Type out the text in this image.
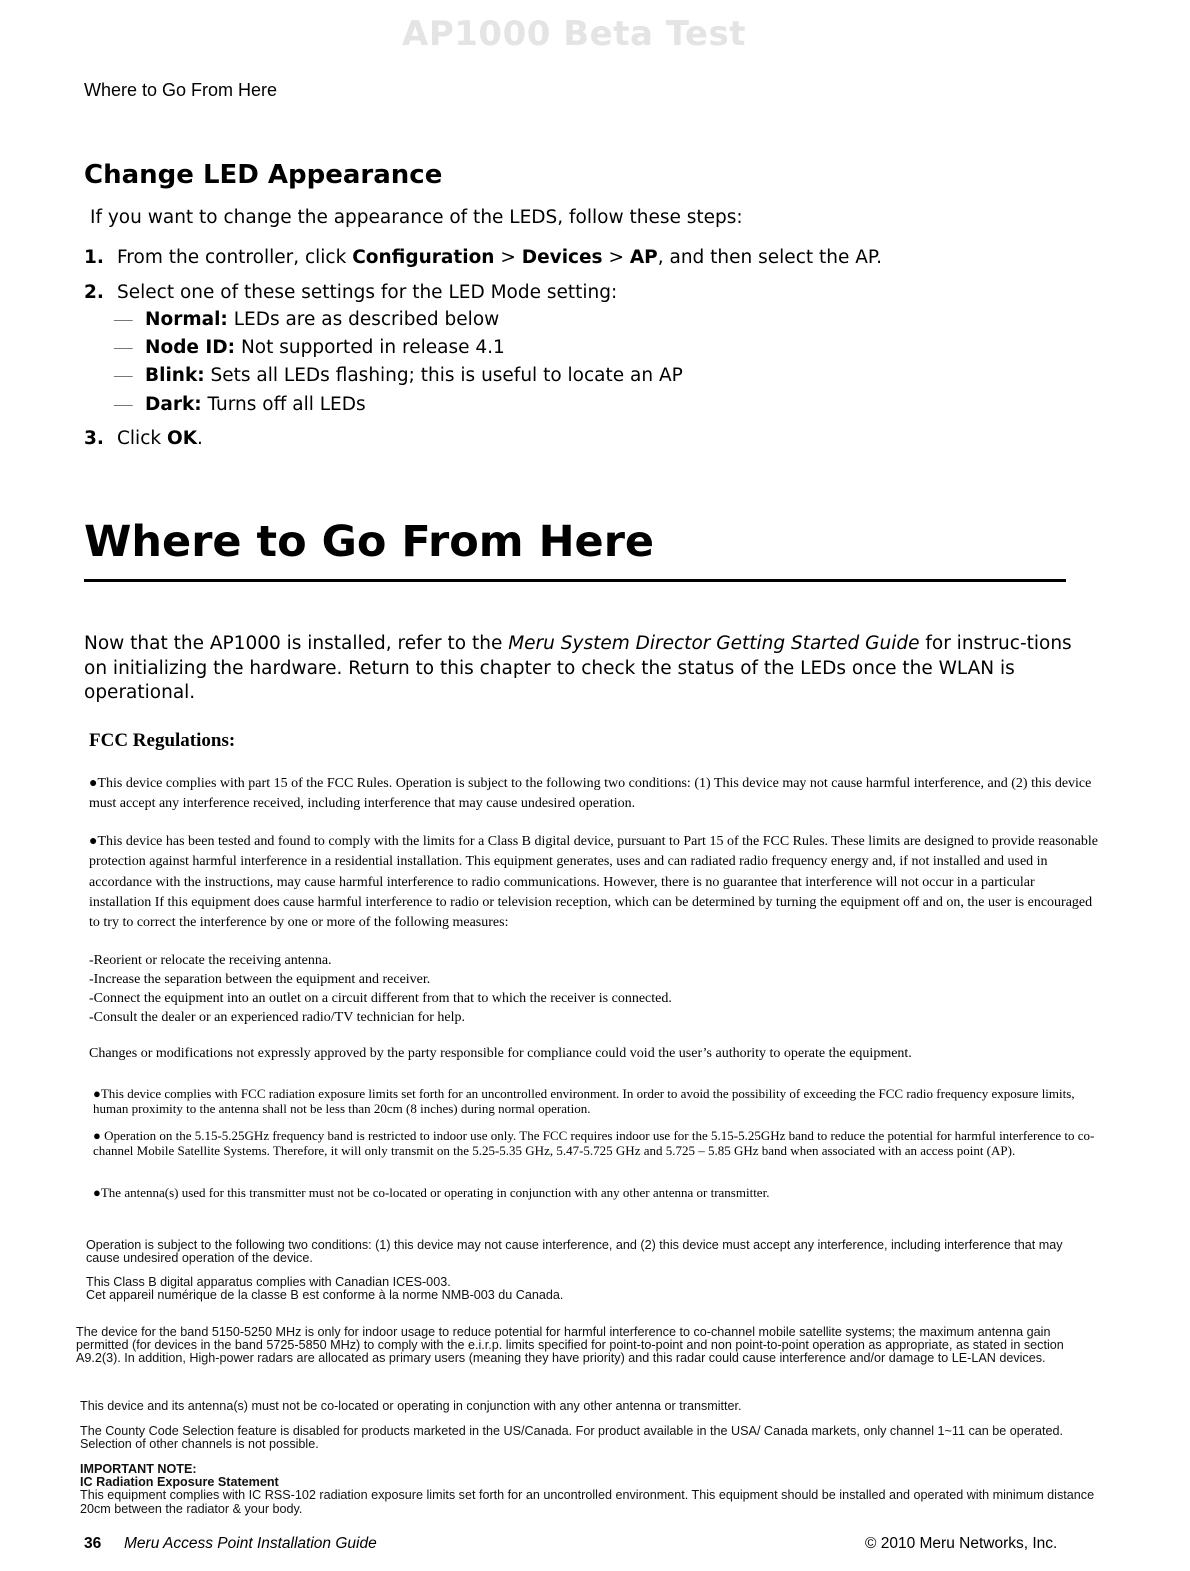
AP1000 Beta Test
Where to Go From Here
Change LED Appearance
If you want to change the appearance of the LEDS, follow these steps:
1. From the controller, click Configuration > Devices > AP, and then select the AP.
2. Select one of these settings for the LED Mode setting:
— Normal: LEDs are as described below
— Node ID: Not supported in release 4.1
— Blink: Sets all LEDs flashing; this is useful to locate an AP
— Dark: Turns off all LEDs
3. Click OK.
Where to Go From Here
Now that the AP1000 is installed, refer to the Meru System Director Getting Started Guide for instruc-tions on initializing the hardware. Return to this chapter to check the status of the LEDs once the WLAN is operational.
FCC Regulations:
●This device complies with part 15 of the FCC Rules. Operation is subject to the following two conditions: (1) This device may not cause harmful interference, and (2) this device must accept any interference received, including interference that may cause undesired operation.
●This device has been tested and found to comply with the limits for a Class B digital device, pursuant to Part 15 of the FCC Rules. These limits are designed to provide reasonable protection against harmful interference in a residential installation. This equipment generates, uses and can radiated radio frequency energy and, if not installed and used in accordance with the instructions, may cause harmful interference to radio communications. However, there is no guarantee that interference will not occur in a particular installation If this equipment does cause harmful interference to radio or television reception, which can be determined by turning the equipment off and on, the user is encouraged to try to correct the interference by one or more of the following measures:
-Reorient or relocate the receiving antenna.
-Increase the separation between the equipment and receiver.
-Connect the equipment into an outlet on a circuit different from that to which the receiver is connected.
-Consult the dealer or an experienced radio/TV technician for help.
Changes or modifications not expressly approved by the party responsible for compliance could void the user’s authority to operate the equipment.
●This device complies with FCC radiation exposure limits set forth for an uncontrolled environment. In order to avoid the possibility of exceeding the FCC radio frequency exposure limits, human proximity to the antenna shall not be less than 20cm (8 inches) during normal operation.
● Operation on the 5.15-5.25GHz frequency band is restricted to indoor use only. The FCC requires indoor use for the 5.15-5.25GHz band to reduce the potential for harmful interference to co-channel Mobile Satellite Systems. Therefore, it will only transmit on the 5.25-5.35 GHz, 5.47-5.725 GHz and 5.725 – 5.85 GHz band when associated with an access point (AP).
●The antenna(s) used for this transmitter must not be co-located or operating in conjunction with any other antenna or transmitter.
Operation is subject to the following two conditions: (1) this device may not cause interference, and (2) this device must accept any interference, including interference that may cause undesired operation of the device.
This Class B digital apparatus complies with Canadian ICES-003.
Cet appareil numérique de la classe B est conforme à la norme NMB-003 du Canada.
The device for the band 5150-5250 MHz is only for indoor usage to reduce potential for harmful interference to co-channel mobile satellite systems; the maximum antenna gain permitted (for devices in the band 5725-5850 MHz) to comply with the e.i.r.p. limits specified for point-to-point and non point-to-point operation as appropriate, as stated in section A9.2(3). In addition, High-power radars are allocated as primary users (meaning they have priority) and this radar could cause interference and/or damage to LE-LAN devices.
This device and its antenna(s) must not be co-located or operating in conjunction with any other antenna or transmitter.
The County Code Selection feature is disabled for products marketed in the US/Canada. For product available in the USA/ Canada markets, only channel 1~11 can be operated. Selection of other channels is not possible.
IMPORTANT NOTE:
IC Radiation Exposure Statement
This equipment complies with IC RSS-102 radiation exposure limits set forth for an uncontrolled environment. This equipment should be installed and operated with minimum distance 20cm between the radiator & your body.
36 Meru Access Point Installation Guide	© 2010 Meru Networks, Inc.
